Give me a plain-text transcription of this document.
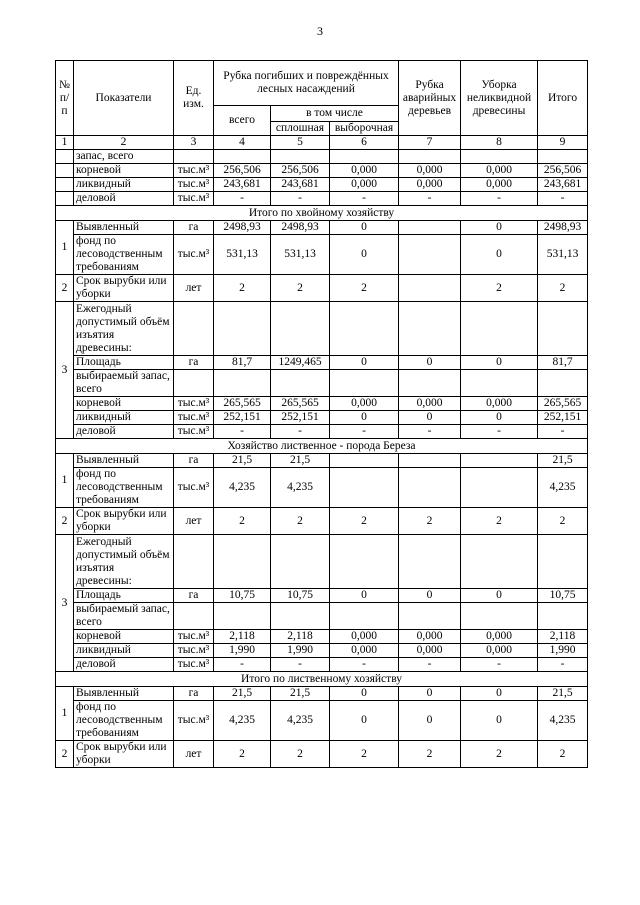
3
№ п/п	Показатели	Ед. изм.	Рубка погибших и повреждённых лесных насаждений			Рубка аварийных деревьев	Уборка неликвидной древесины	Итого
			всего	в том числе				
				сплошная	выборочная			
1	2	3	4	5	6	7	8	9
	запас, всего							
	корневой	тыс.м³	256,506	256,506	0,000	0,000	0,000	256,506
	ликвидный	тыс.м³	243,681	243,681	0,000	0,000	0,000	243,681
	деловой	тыс.м³	-	-	-	-	-	-
Итого по хвойному хозяйству								
1	Выявленный	га	2498,93	2498,93	0		0	2498,93
	фонд по лесоводственным требованиям	тыс.м³	531,13	531,13	0		0	531,13
2	Срок вырубки или уборки	лет	2	2	2		2	2
3	Ежегодный допустимый объём изъятия древесины:							
	Площадь	га	81,7	1249,465	0	0	0	81,7
	выбираемый запас, всего							
	корневой	тыс.м³	265,565	265,565	0,000	0,000	0,000	265,565
	ликвидный	тыс.м³	252,151	252,151	0	0	0	252,151
	деловой	тыс.м³	-	-	-	-	-	-
Хозяйство лиственное - порода Береза								
1	Выявленный	га	21,5	21,5				21,5
	фонд по лесоводственным требованиям	тыс.м³	4,235	4,235				4,235
2	Срок вырубки или уборки	лет	2	2	2	2	2	2
3	Ежегодный допустимый объём изъятия древесины:							
	Площадь	га	10,75	10,75	0	0	0	10,75
	выбираемый запас, всего							
	корневой	тыс.м³	2,118	2,118	0,000	0,000	0,000	2,118
	ликвидный	тыс.м³	1,990	1,990	0,000	0,000	0,000	1,990
	деловой	тыс.м³	-	-	-	-	-	-
Итого по лиственному хозяйству								
1	Выявленный	га	21,5	21,5	0	0	0	21,5
	фонд по лесоводственным требованиям	тыс.м³	4,235	4,235	0	0	0	4,235
2	Срок вырубки или уборки	лет	2	2	2	2	2	2
